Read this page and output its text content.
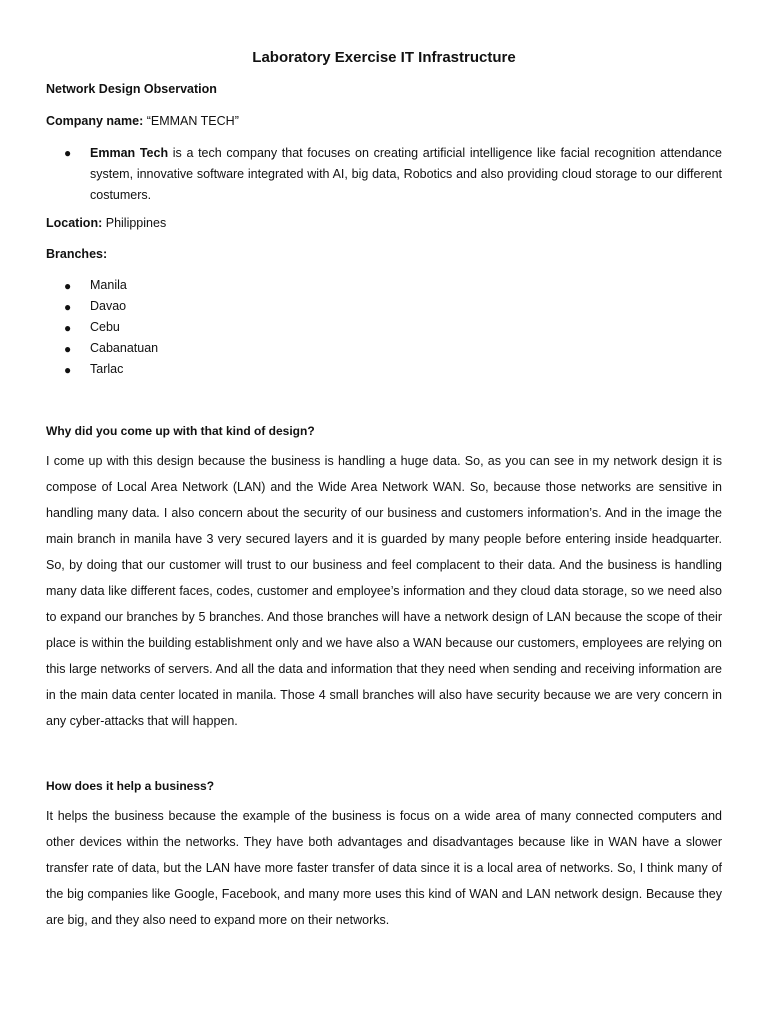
Laboratory Exercise IT Infrastructure
Network Design Observation
Company name: “EMMAN TECH”
●	Emman Tech is a tech company that focuses on creating artificial intelligence like facial recognition attendance system, innovative software integrated with AI, big data, Robotics and also providing cloud storage to our different costumers.
Location: Philippines
Branches:
●	Manila
●	Davao
●	Cebu
●	Cabanatuan
●	Tarlac
Why did you come up with that kind of design?
I come up with this design because the business is handling a huge data. So, as you can see in my network design it is compose of Local Area Network (LAN) and the Wide Area Network WAN. So, because those networks are sensitive in handling many data. I also concern about the security of our business and customers information’s. And in the image the main branch in manila have 3 very secured layers and it is guarded by many people before entering inside headquarter. So, by doing that our customer will trust to our business and feel complacent to their data. And the business is handling many data like different faces, codes, customer and employee’s information and they cloud data storage, so we need also to expand our branches by 5 branches. And those branches will have a network design of LAN because the scope of their place is within the building establishment only and we have also a WAN because our customers, employees are relying on this large networks of servers. And all the data and information that they need when sending and receiving information are in the main data center located in manila. Those 4 small branches will also have security because we are very concern in any cyber-attacks that will happen.
How does it help a business?
It helps the business because the example of the business is focus on a wide area of many connected computers and other devices within the networks. They have both advantages and disadvantages because like in WAN have a slower transfer rate of data, but the LAN have more faster transfer of data since it is a local area of networks. So, I think many of the big companies like Google, Facebook, and many more uses this kind of WAN and LAN network design. Because they are big, and they also need to expand more on their networks.
